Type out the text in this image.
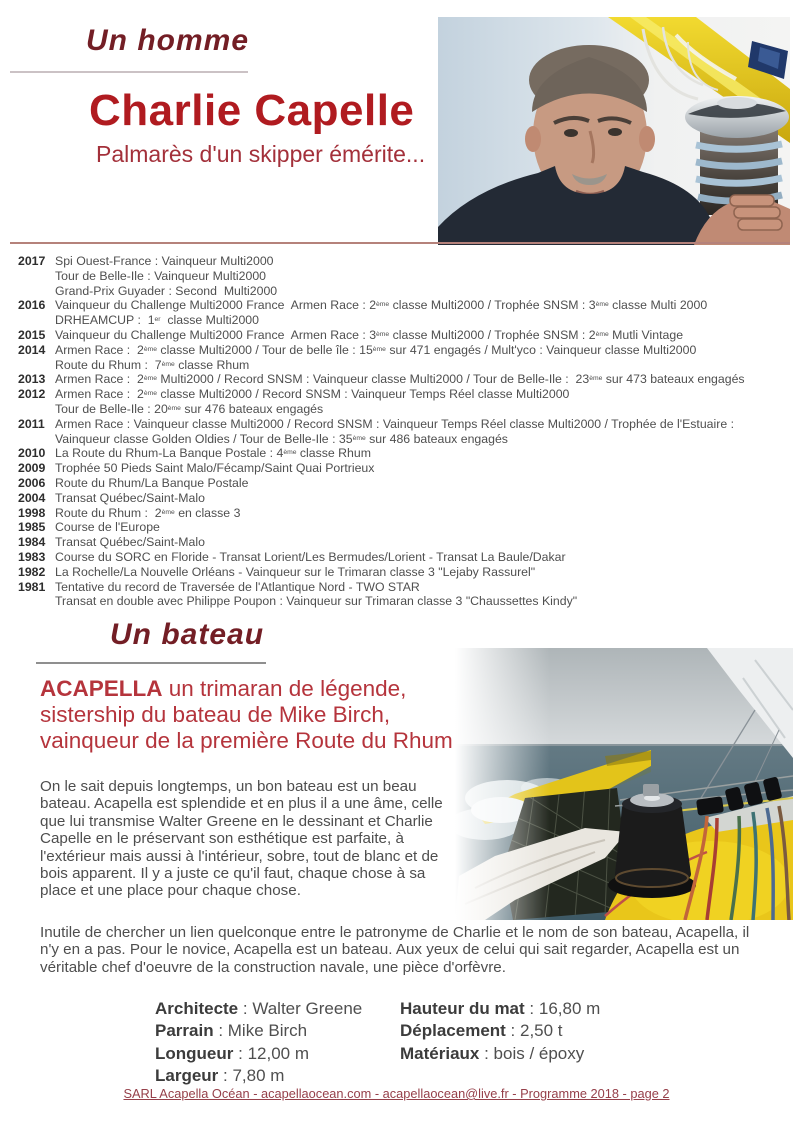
Un homme
Charlie Capelle
Palmarès d'un skipper émérite...
2017 Spi Ouest-France : Vainqueur Multi2000
Tour de Belle-Ile : Vainqueur Multi2000
Grand-Prix Guyader : Second  Multi2000
2016 Vainqueur du Challenge Multi2000 France  Armen Race : 2ème classe Multi2000 / Trophée SNSM : 3ème classe Multi 2000
DRHEAMCUP :  1er  classe Multi2000
2015 Vainqueur du Challenge Multi2000 France  Armen Race : 3ème classe Multi2000 / Trophée SNSM : 2ème Mutli Vintage
2014 Armen Race :  2ème classe Multi2000 / Tour de belle île : 15ème sur 471 engagés / Mult'yco : Vainqueur classe Multi2000
Route du Rhum :  7ème classe Rhum
2013 Armen Race :  2ème Multi2000 / Record SNSM : Vainqueur classe Multi2000 / Tour de Belle-Ile :  23ème sur 473 bateaux engagés
2012 Armen Race :  2ème classe Multi2000 / Record SNSM : Vainqueur Temps Réel classe Multi2000
Tour de Belle-Ile : 20ème sur 476 bateaux engagés
2011 Armen Race : Vainqueur classe Multi2000 / Record SNSM : Vainqueur Temps Réel classe Multi2000 / Trophée de l'Estuaire :
Vainqueur classe Golden Oldies / Tour de Belle-Ile : 35ème sur 486 bateaux engagés
2010 La Route du Rhum-La Banque Postale : 4ème classe Rhum
2009 Trophée 50 Pieds Saint Malo/Fécamp/Saint Quai Portrieux
2006 Route du Rhum/La Banque Postale
2004 Transat Québec/Saint-Malo
1998 Route du Rhum :  2ème en classe 3
1985 Course de l'Europe
1984 Transat Québec/Saint-Malo
1983 Course du SORC en Floride - Transat Lorient/Les Bermudes/Lorient - Transat La Baule/Dakar
1982 La Rochelle/La Nouvelle Orléans - Vainqueur sur le Trimaran classe 3 "Lejaby Rassurel"
1981 Tentative du record de Traversée de l'Atlantique Nord - TWO STAR
Transat en double avec Philippe Poupon : Vainqueur sur Trimaran classe 3 "Chaussettes Kindy"
Un bateau
ACAPELLA un trimaran de légende,
sistership du bateau de Mike Birch,
vainqueur de la première Route du Rhum

On le sait depuis longtemps, un bon bateau est un beau bateau. Acapella est splendide et en plus il a une âme, celle que lui transmise Walter Greene en le dessinant et Charlie Capelle en le préservant son esthétique est parfaite, à l'extérieur mais aussi à l'intérieur, sobre, tout de blanc et de bois apparent. Il y a juste ce qu'il faut, chaque chose à sa place et une place pour chaque chose.

Inutile de chercher un lien quelconque entre le patronyme de Charlie et le nom de son bateau, Acapella, il n'y en a pas. Pour le novice, Acapella est un bateau. Aux yeux de celui qui sait regarder, Acapella est un véritable chef d'oeuvre de la construction navale, une pièce d'orfèvre.

Architecte : Walter Greene
Parrain : Mike Birch
Longueur : 12,00 m
Largeur : 7,80 m
Hauteur du mat : 16,80 m
Déplacement : 2,50 t
Matériaux : bois / époxy
SARL Acapella Océan - acapellaocean.com - acapellaocean@live.fr - Programme 2018 - page 2
